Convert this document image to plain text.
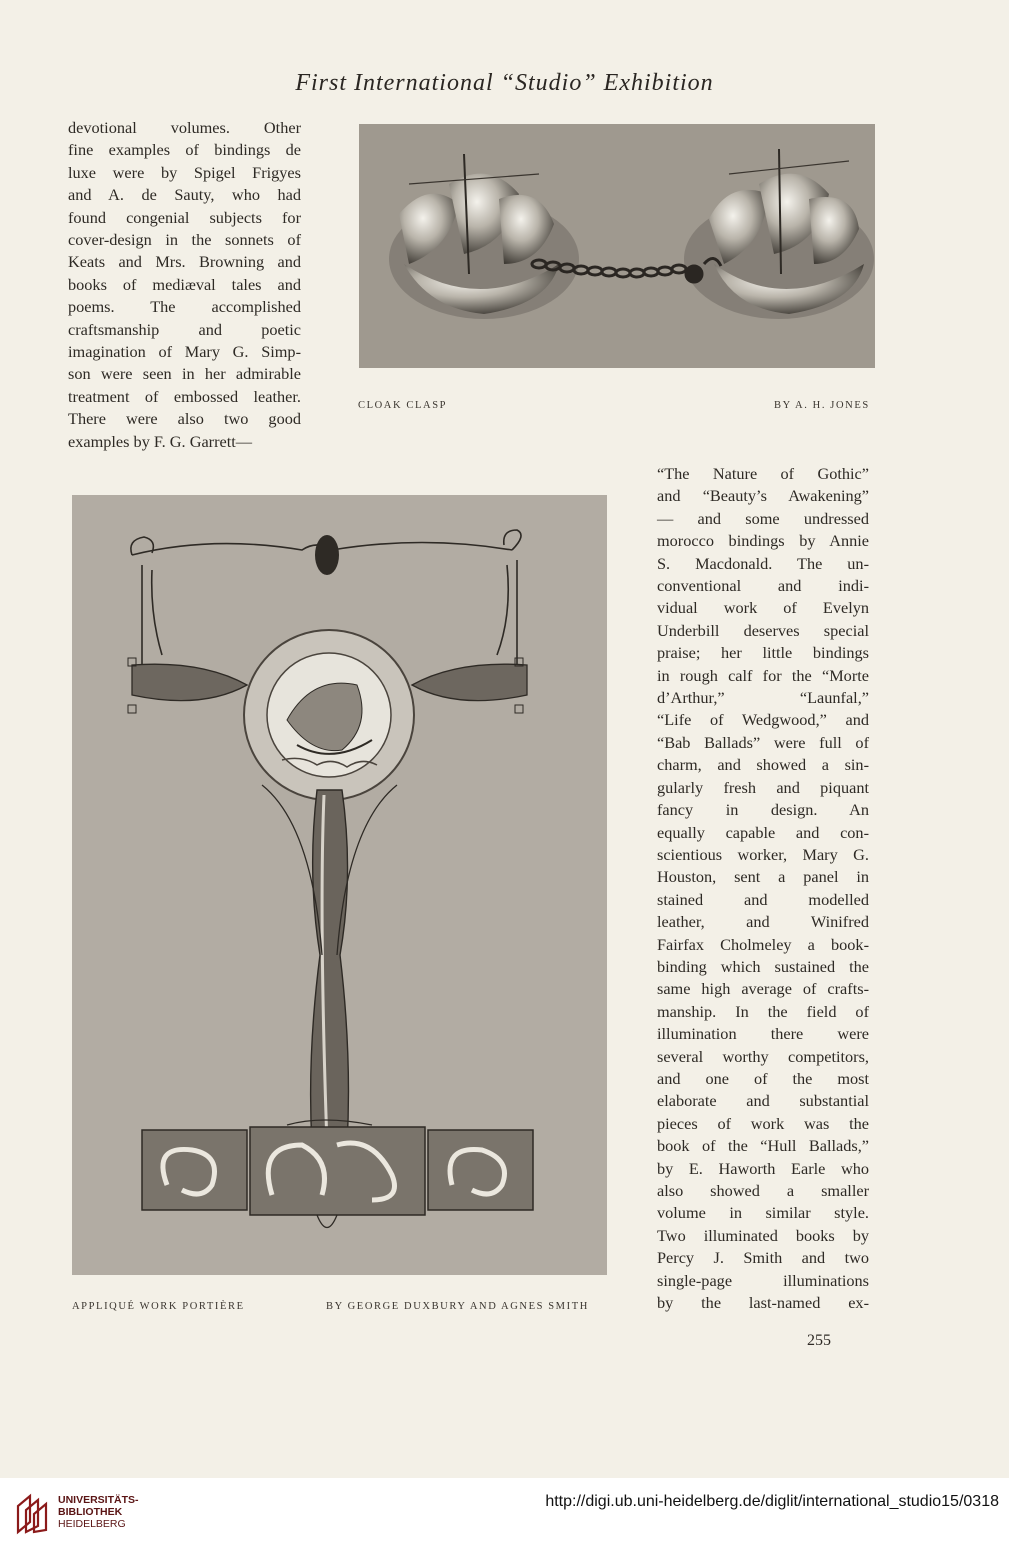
First International “Studio” Exhibition
devotional volumes. Other
fine examples of bindings de
luxe were by Spigel Frigyes
and A. de Sauty, who had
found congenial subjects for
cover-design in the sonnets of
Keats and Mrs. Browning and
books of mediæval tales and
poems. The accomplished
craftsmanship and poetic
imagination of Mary G. Simp-
son were seen in her admirable
treatment of embossed leather.
There were also two good
examples by F. G. Garrett—
CLOAK CLASP	BY A. H. JONES
APPLIQUÉ WORK PORTIÈRE	BY GEORGE DUXBURY AND AGNES SMITH
“The Nature of Gothic”
and “Beauty’s Awakening”
— and some undressed
morocco bindings by Annie
S. Macdonald. The un-
conventional and indi-
vidual work of Evelyn
Underbill deserves special
praise; her little bindings
in rough calf for the “Morte
d’Arthur,” “Launfal,”
“Life of Wedgwood,” and
“Bab Ballads” were full of
charm, and showed a sin-
gularly fresh and piquant
fancy in design. An
equally capable and con-
scientious worker, Mary G.
Houston, sent a panel in
stained and modelled
leather, and Winifred
Fairfax Cholmeley a book-
binding which sustained the
same high average of crafts-
manship. In the field of
illumination there were
several worthy competitors,
and one of the most
elaborate and substantial
pieces of work was the
book of the “Hull Ballads,”
by E. Haworth Earle who
also showed a smaller
volume in similar style.
Two illuminated books by
Percy J. Smith and two
single-page illuminations
by the last-named ex-
255
UNIVERSITÄTS-
BIBLIOTHEK
HEIDELBERG
http://digi.ub.uni-heidelberg.de/diglit/international_studio15/0318
